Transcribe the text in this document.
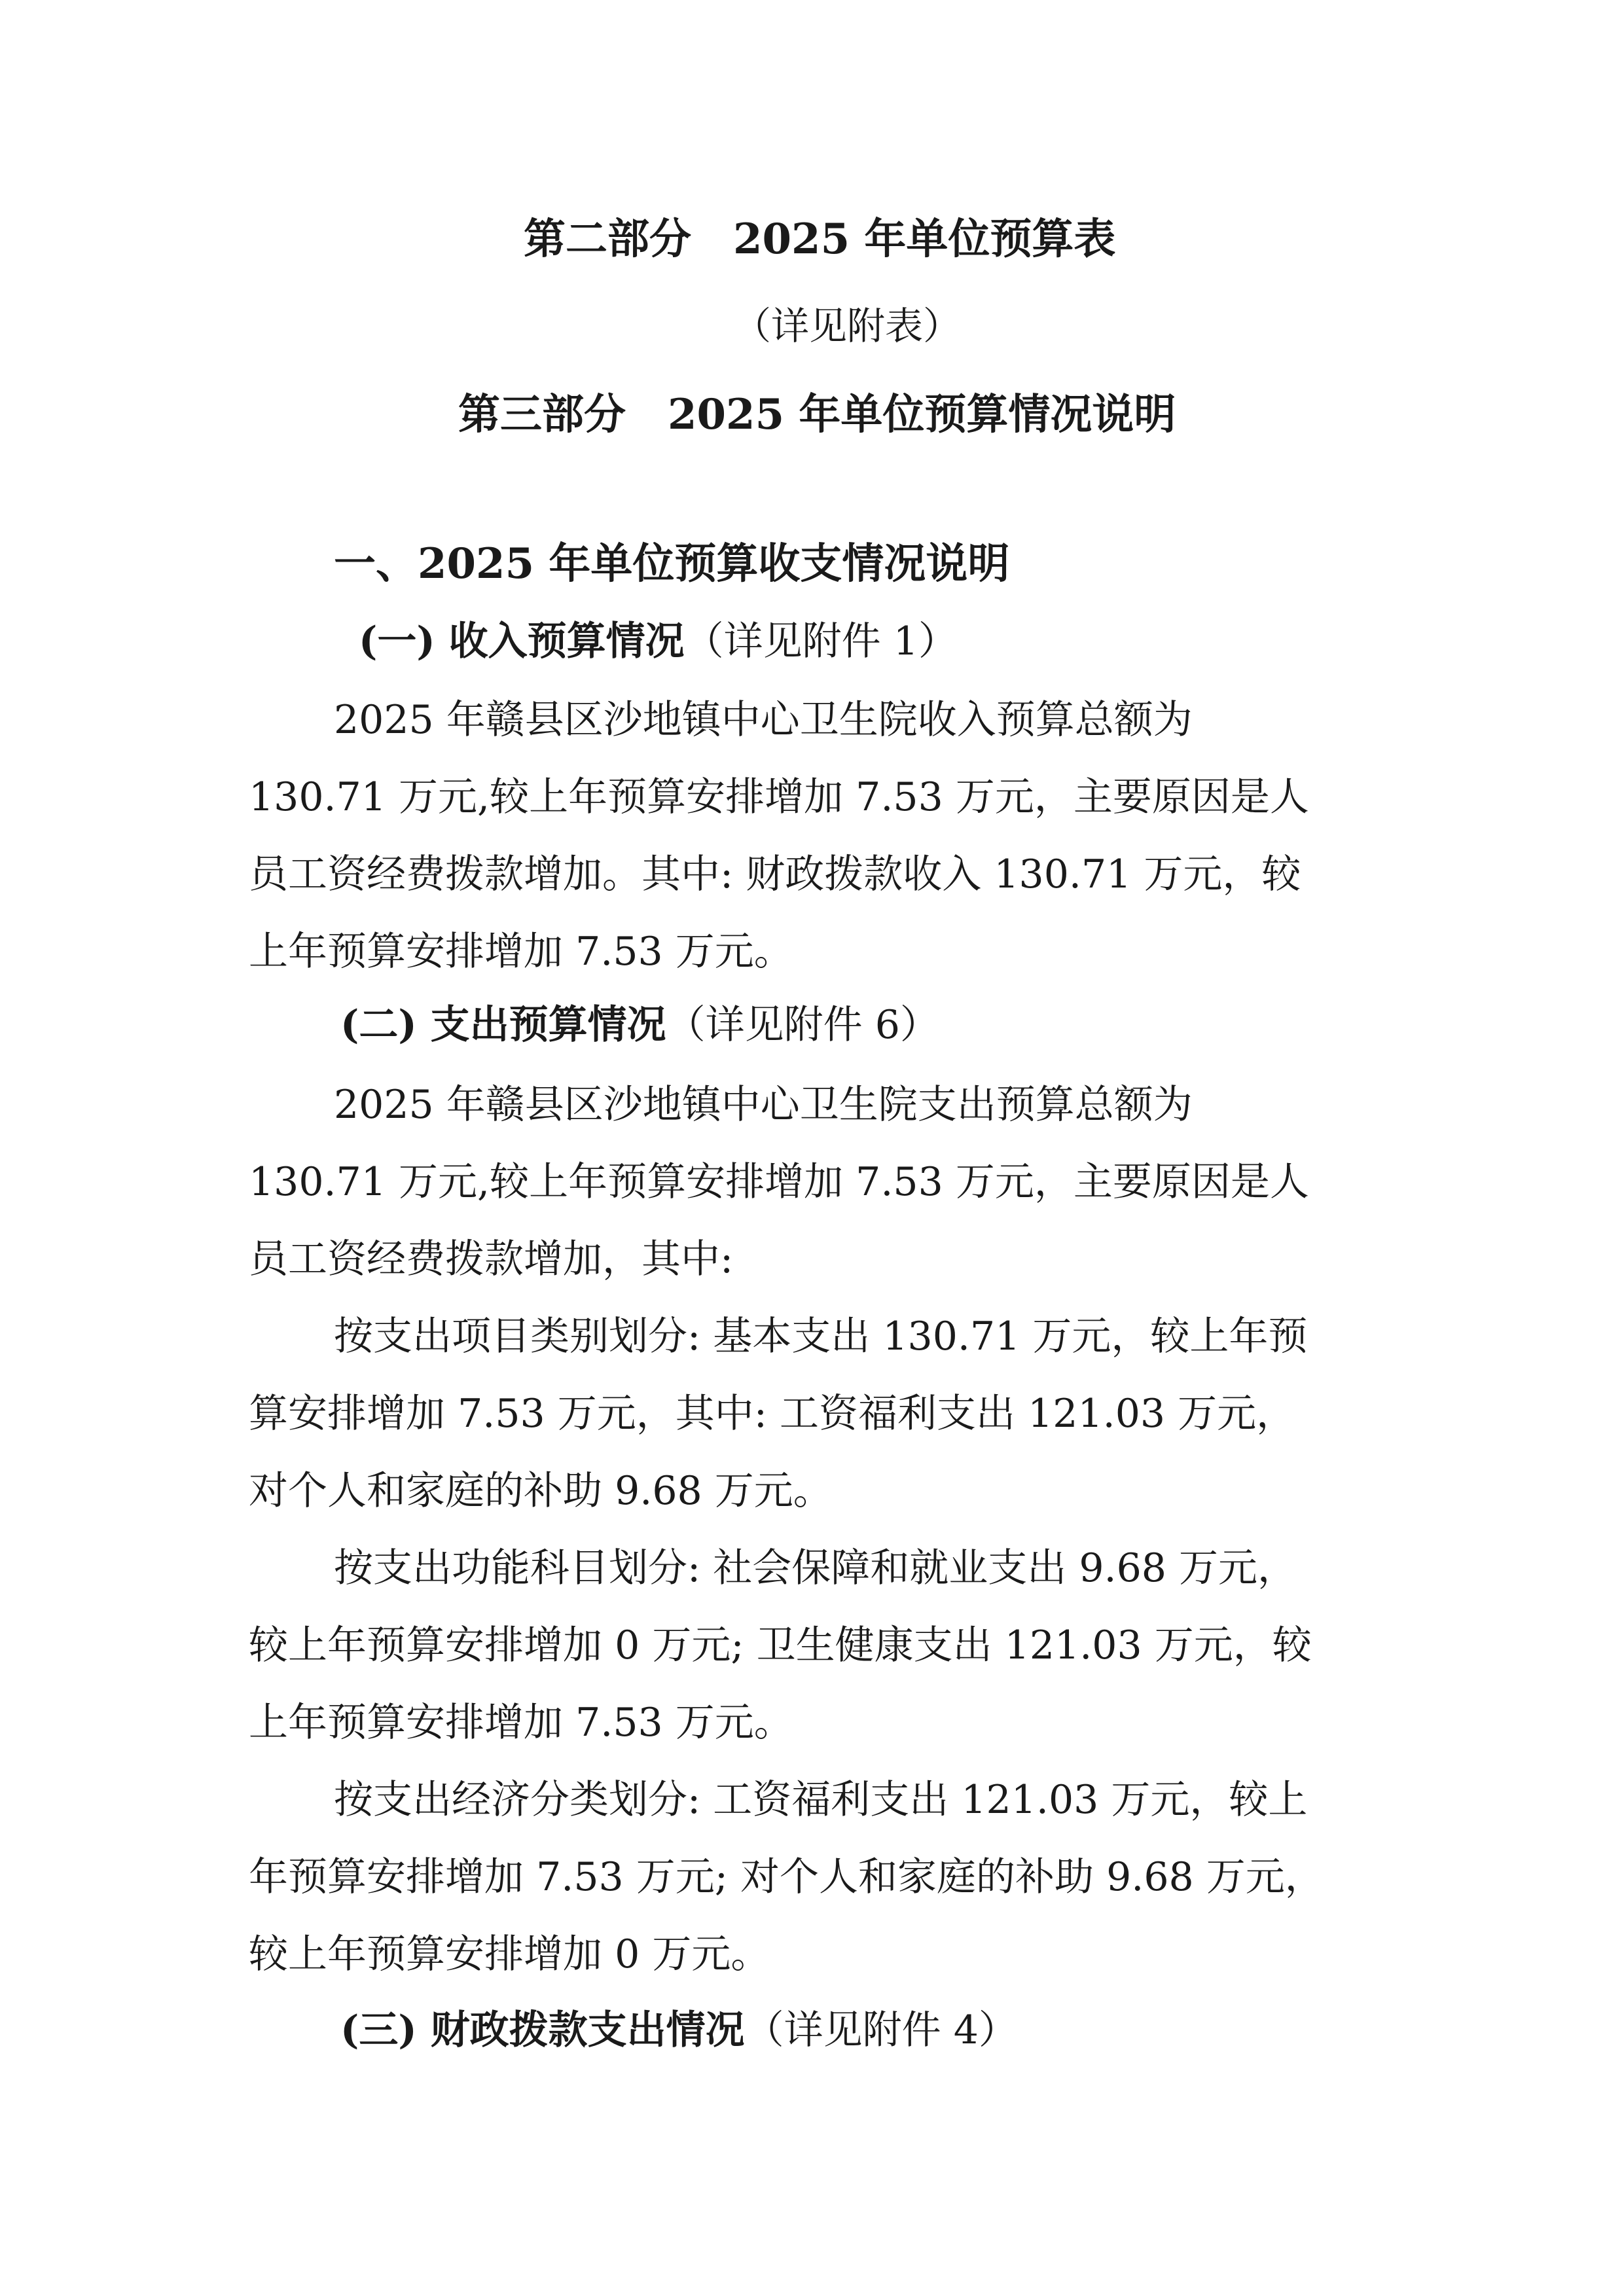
第二部分　2025 年单位预算表
（详见附表）
第三部分　2025 年单位预算情况说明
一、2025 年单位预算收支情况说明
(一) 收入预算情况（详见附件 1）
2025 年赣县区沙地镇中心卫生院收入预算总额为
130.71 万元,较上年预算安排增加 7.53 万元，主要原因是人
员工资经费拨款增加。其中: 财政拨款收入 130.71 万元，较
上年预算安排增加 7.53 万元。
(二) 支出预算情况（详见附件 6）
2025 年赣县区沙地镇中心卫生院支出预算总额为
130.71 万元,较上年预算安排增加 7.53 万元，主要原因是人
员工资经费拨款增加，其中:
按支出项目类别划分: 基本支出 130.71 万元，较上年预
算安排增加 7.53 万元，其中: 工资福利支出 121.03 万元，
对个人和家庭的补助 9.68 万元。
按支出功能科目划分: 社会保障和就业支出 9.68 万元，
较上年预算安排增加 0 万元; 卫生健康支出 121.03 万元，较
上年预算安排增加 7.53 万元。
按支出经济分类划分: 工资福利支出 121.03 万元，较上
年预算安排增加 7.53 万元; 对个人和家庭的补助 9.68 万元，
较上年预算安排增加 0 万元。
(三) 财政拨款支出情况（详见附件 4）
